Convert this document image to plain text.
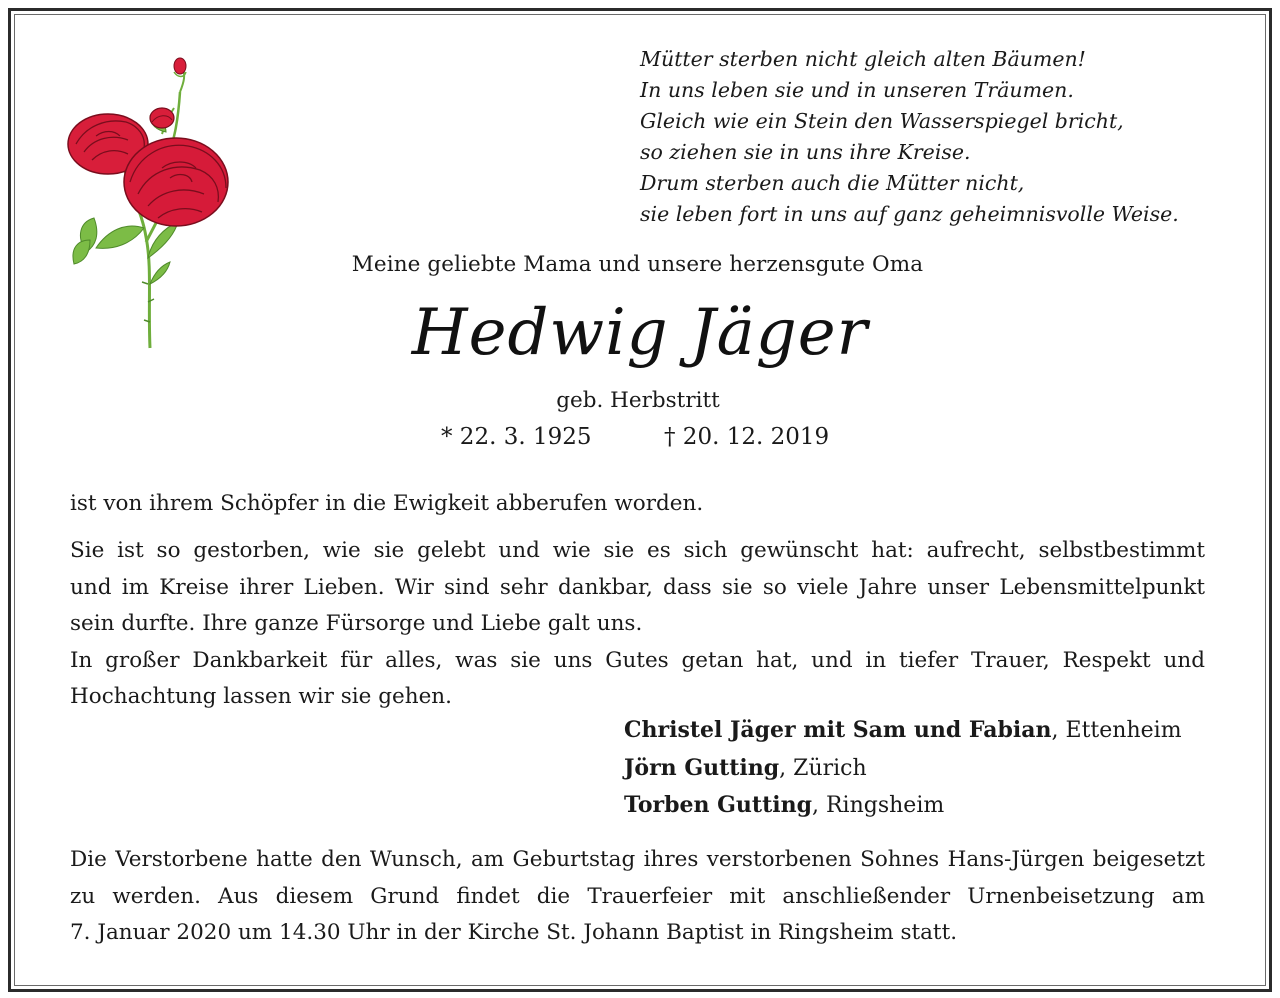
Mütter sterben nicht gleich alten Bäumen!
In uns leben sie und in unseren Träumen.
Gleich wie ein Stein den Wasserspiegel bricht,
so ziehen sie in uns ihre Kreise.
Drum sterben auch die Mütter nicht,
sie leben fort in uns auf ganz geheimnisvolle Weise.
Meine geliebte Mama und unsere herzensgute Oma
Hedwig Jäger
geb. Herbstritt
* 22. 3. 1925	† 20. 12. 2019
ist von ihrem Schöpfer in die Ewigkeit abberufen worden.
Sie ist so gestorben, wie sie gelebt und wie sie es sich gewünscht hat: aufrecht, selbstbestimmt
und im Kreise ihrer Lieben. Wir sind sehr dankbar, dass sie so viele Jahre unser Lebensmittelpunkt
sein durfte. Ihre ganze Fürsorge und Liebe galt uns.
In großer Dankbarkeit für alles, was sie uns Gutes getan hat, und in tiefer Trauer, Respekt und
Hochachtung lassen wir sie gehen.
Christel Jäger mit Sam und Fabian, Ettenheim
Jörn Gutting, Zürich
Torben Gutting, Ringsheim
Die Verstorbene hatte den Wunsch, am Geburtstag ihres verstorbenen Sohnes Hans-Jürgen beigesetzt
zu werden. Aus diesem Grund findet die Trauerfeier mit anschließender Urnenbeisetzung am
7. Januar 2020 um 14.30 Uhr in der Kirche St. Johann Baptist in Ringsheim statt.
